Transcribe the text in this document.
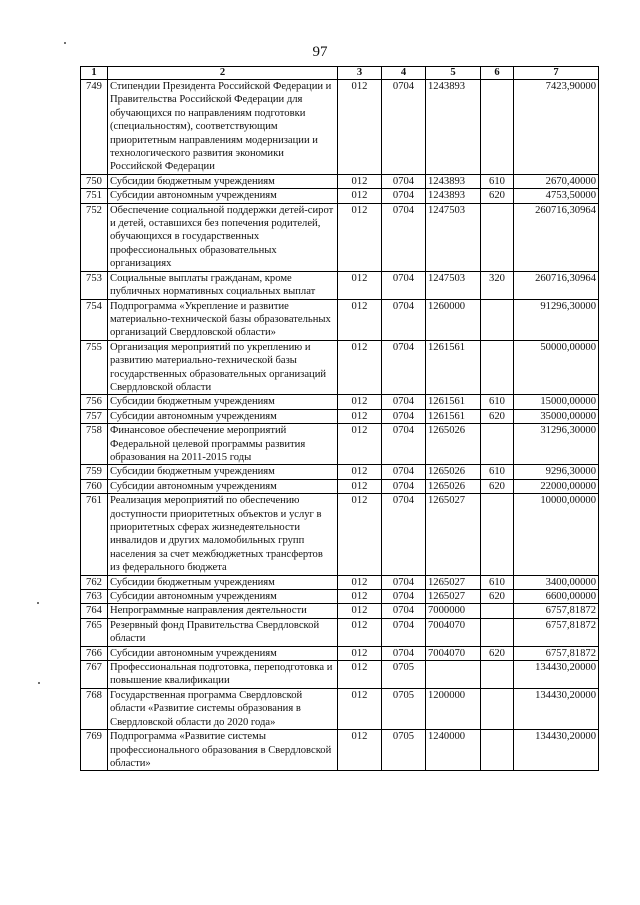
97
1	2	3	4	5	6	7
749	Стипендии Президента Российской Федерации и Правительства Российской Федерации для обучающихся по направлениям подготовки (специальностям), соответствующим приоритетным направлениям модернизации и технологического развития экономики Российской Федерации	012	0704	1243893		7423,90000
750	Субсидии бюджетным учреждениям	012	0704	1243893	610	2670,40000
751	Субсидии автономным учреждениям	012	0704	1243893	620	4753,50000
752	Обеспечение социальной поддержки детей-сирот и детей, оставшихся без попечения родителей, обучающихся в государственных профессиональных образовательных организациях	012	0704	1247503		260716,30964
753	Социальные выплаты гражданам, кроме публичных нормативных социальных выплат	012	0704	1247503	320	260716,30964
754	Подпрограмма «Укрепление и развитие материально-технической базы образовательных организаций Свердловской области»	012	0704	1260000		91296,30000
755	Организация мероприятий по укреплению и развитию материально-технической базы государственных образовательных организаций Свердловской области	012	0704	1261561		50000,00000
756	Субсидии бюджетным учреждениям	012	0704	1261561	610	15000,00000
757	Субсидии автономным учреждениям	012	0704	1261561	620	35000,00000
758	Финансовое обеспечение мероприятий Федеральной целевой программы развития образования на 2011-2015 годы	012	0704	1265026		31296,30000
759	Субсидии бюджетным учреждениям	012	0704	1265026	610	9296,30000
760	Субсидии автономным учреждениям	012	0704	1265026	620	22000,00000
761	Реализация мероприятий по обеспечению доступности приоритетных объектов и услуг в приоритетных сферах жизнедеятельности инвалидов и других маломобильных групп населения за счет межбюджетных трансфертов из федерального бюджета	012	0704	1265027		10000,00000
762	Субсидии бюджетным учреждениям	012	0704	1265027	610	3400,00000
763	Субсидии автономным учреждениям	012	0704	1265027	620	6600,00000
764	Непрограммные направления деятельности	012	0704	7000000		6757,81872
765	Резервный фонд Правительства Свердловской области	012	0704	7004070		6757,81872
766	Субсидии автономным учреждениям	012	0704	7004070	620	6757,81872
767	Профессиональная подготовка, переподготовка и повышение квалификации	012	0705			134430,20000
768	Государственная программа Свердловской области «Развитие системы образования в Свердловской области до 2020 года»	012	0705	1200000		134430,20000
769	Подпрограмма «Развитие системы профессионального образования в Свердловской области»	012	0705	1240000		134430,20000
